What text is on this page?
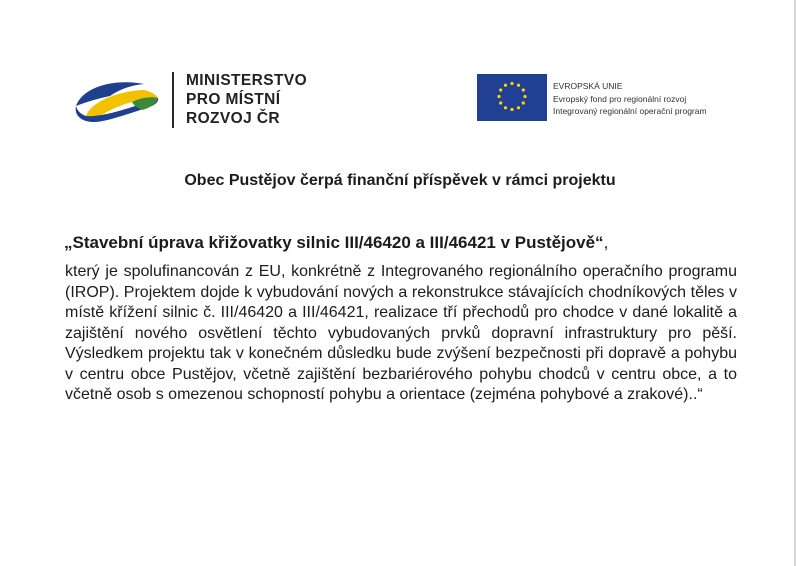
MINISTERSTVO
PRO MÍSTNÍ
ROZVOJ ČR
EVROPSKÁ UNIE
Evropský fond pro regionální rozvoj
Integrovaný regionální operační program
Obec Pustějov čerpá finanční příspěvek v rámci projektu
„Stavební úprava křižovatky silnic III/46420 a III/46421 v Pustějově“,
který je spolufinancován z EU, konkrétně z Integrovaného regionálního operačního programu (IROP). Projektem dojde k vybudování nových a rekonstrukce stávajících chodníkových těles v místě křížení silnic č. III/46420 a III/46421, realizace tří přechodů pro chodce v dané lokalitě a zajištění nového osvětlení těchto vybudovaných prvků dopravní infrastruktury pro pěší. Výsledkem projektu tak v konečném důsledku bude zvýšení bezpečnosti při dopravě a pohybu v centru obce Pustějov, včetně zajištění bezbariérového pohybu chodců v centru obce, a to včetně osob s omezenou schopností pohybu a orientace (zejména pohybové a zrakové)..“
